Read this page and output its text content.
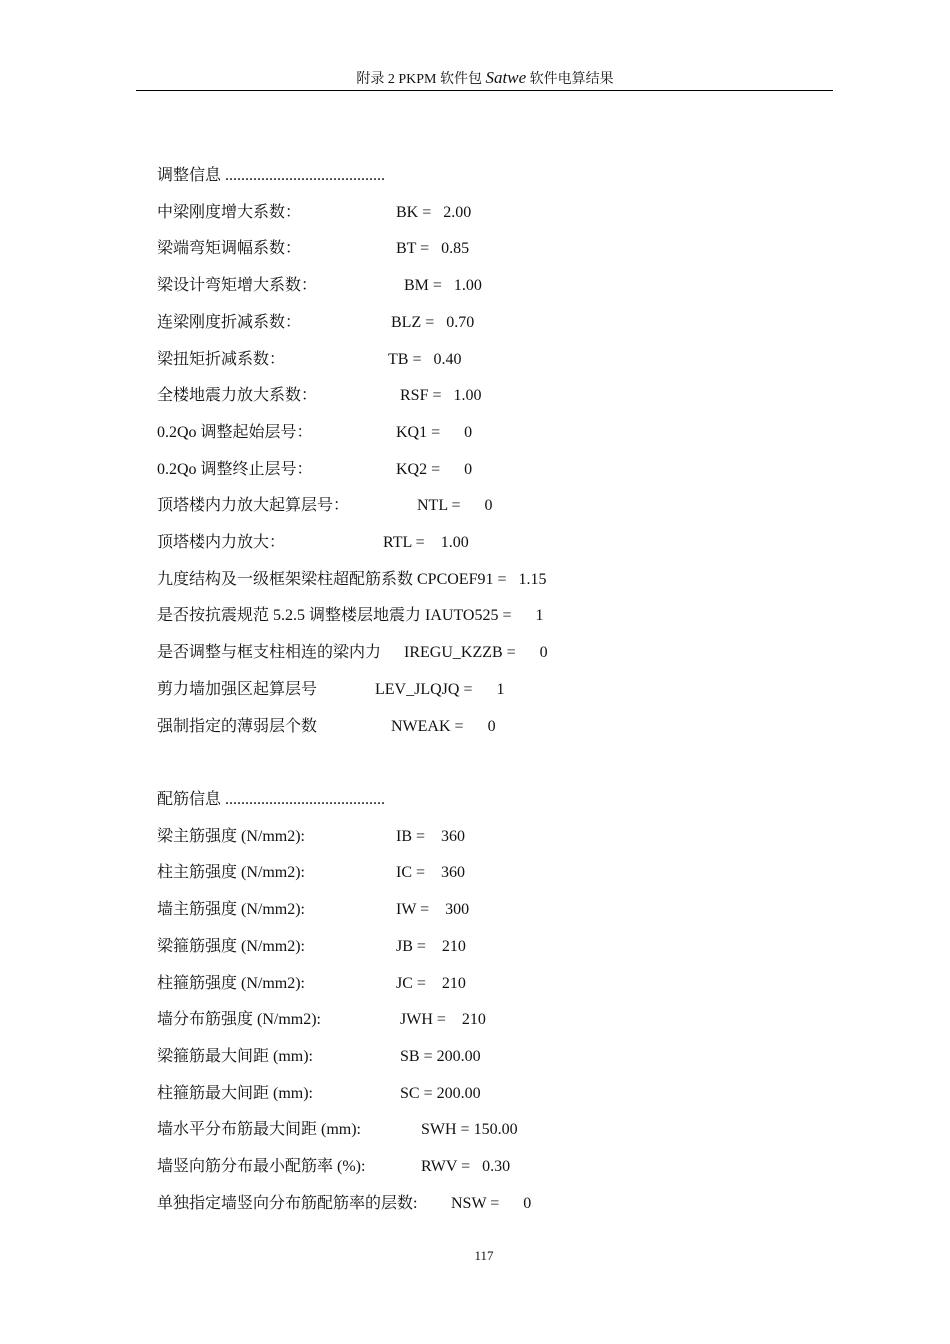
附录 2 PKPM 软件包 Satwe 软件电算结果
调整信息 ........................................
中梁刚度增大系数：	BK =   2.00
梁端弯矩调幅系数：	BT =   0.85
梁设计弯矩增大系数：	BM =   1.00
连梁刚度折减系数：	BLZ =   0.70
梁扭矩折减系数：	TB =   0.40
全楼地震力放大系数：	RSF =   1.00
0.2Qo 调整起始层号：	KQ1 =      0
0.2Qo 调整终止层号：	KQ2 =      0
顶塔楼内力放大起算层号：	NTL =      0
顶塔楼内力放大：	RTL =    1.00
九度结构及一级框架梁柱超配筋系数 CPCOEF91 =   1.15
是否按抗震规范 5.2.5 调整楼层地震力 IAUTO525 =      1
是否调整与框支柱相连的梁内力 IREGU_KZZB =      0
剪力墙加强区起算层号	LEV_JLQJQ =      1
强制指定的薄弱层个数	NWEAK =      0
配筋信息 ........................................
梁主筋强度 (N/mm2):	IB =    360
柱主筋强度 (N/mm2):	IC =    360
墙主筋强度 (N/mm2):	IW =    300
梁箍筋强度 (N/mm2):	JB =    210
柱箍筋强度 (N/mm2):	JC =    210
墙分布筋强度 (N/mm2):	JWH =    210
梁箍筋最大间距 (mm):	SB = 200.00
柱箍筋最大间距 (mm):	SC = 200.00
墙水平分布筋最大间距 (mm):	SWH = 150.00
墙竖向筋分布最小配筋率 (%):	RWV =   0.30
单独指定墙竖向分布筋配筋率的层数: NSW =      0
117
